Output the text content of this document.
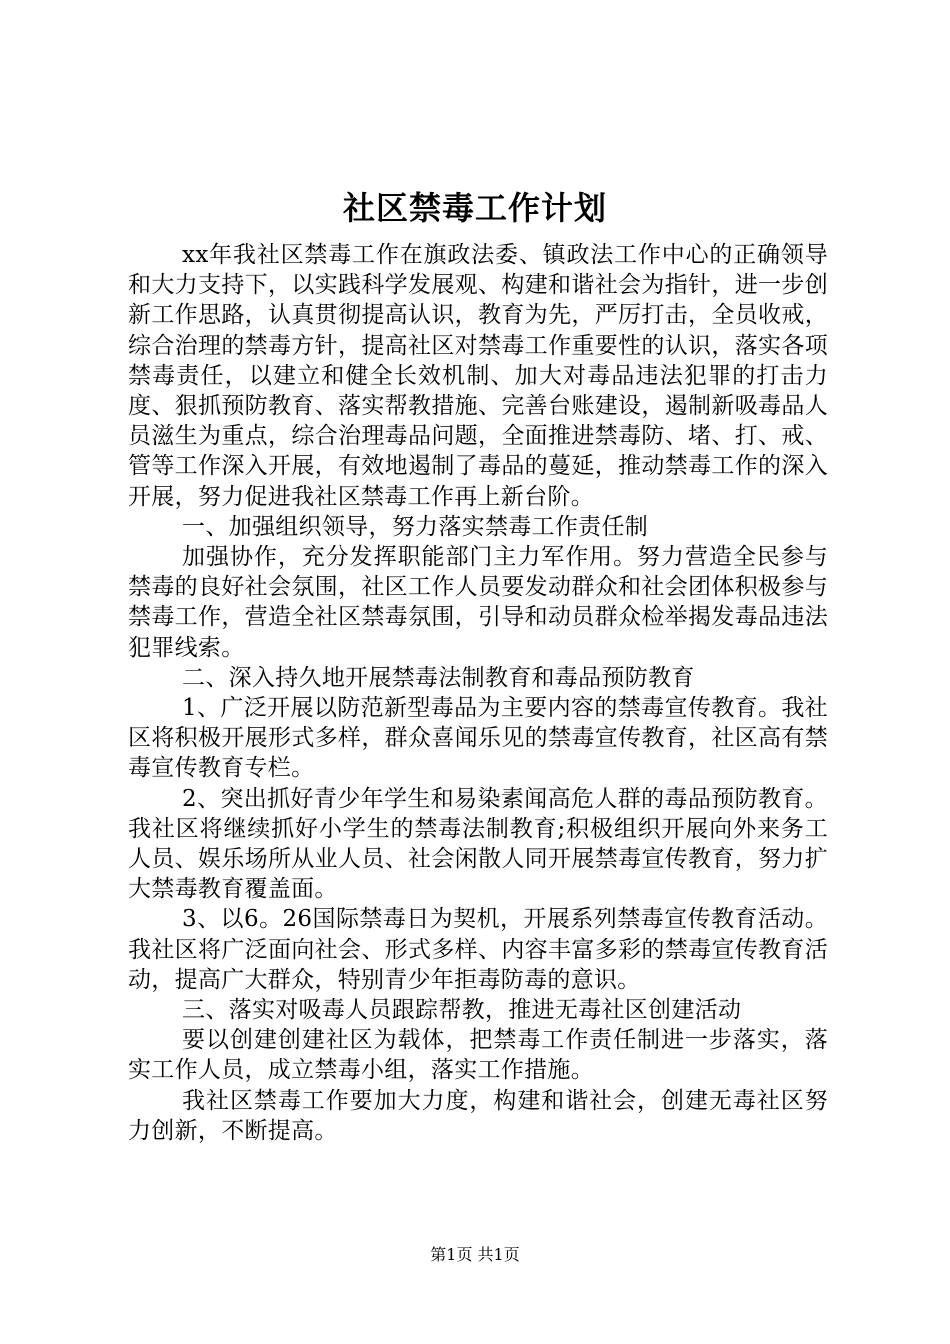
社区禁毒工作计划

xx年我社区禁毒工作在旗政法委、镇政法工作中心的正确领导和大力支持下，以实践科学发展观、构建和谐社会为指针，进一步创新工作思路，认真贯彻提高认识，教育为先，严厉打击，全员收戒，综合治理的禁毒方针，提高社区对禁毒工作重要性的认识，落实各项禁毒责任，以建立和健全长效机制、加大对毒品违法犯罪的打击力度、狠抓预防教育、落实帮教措施、完善台账建设，遏制新吸毒品人员滋生为重点，综合治理毒品问题，全面推进禁毒防、堵、打、戒、管等工作深入开展，有效地遏制了毒品的蔓延，推动禁毒工作的深入开展，努力促进我社区禁毒工作再上新台阶。

一、加强组织领导，努力落实禁毒工作责任制

加强协作，充分发挥职能部门主力军作用。努力营造全民参与禁毒的良好社会氛围，社区工作人员要发动群众和社会团体积极参与禁毒工作，营造全社区禁毒氛围，引导和动员群众检举揭发毒品违法犯罪线索。

二、深入持久地开展禁毒法制教育和毒品预防教育

1、广泛开展以防范新型毒品为主要内容的禁毒宣传教育。我社区将积极开展形式多样，群众喜闻乐见的禁毒宣传教育，社区高有禁毒宣传教育专栏。

2、突出抓好青少年学生和易染素闻高危人群的毒品预防教育。我社区将继续抓好小学生的禁毒法制教育;积极组织开展向外来务工人员、娱乐场所从业人员、社会闲散人同开展禁毒宣传教育，努力扩大禁毒教育覆盖面。

3、以6。26国际禁毒日为契机，开展系列禁毒宣传教育活动。我社区将广泛面向社会、形式多样、内容丰富多彩的禁毒宣传教育活动，提高广大群众，特别青少年拒毒防毒的意识。

三、落实对吸毒人员跟踪帮教，推进无毒社区创建活动

要以创建创建社区为载体，把禁毒工作责任制进一步落实，落实工作人员，成立禁毒小组，落实工作措施。

我社区禁毒工作要加大力度，构建和谐社会，创建无毒社区努力创新，不断提高。

第1页 共1页
